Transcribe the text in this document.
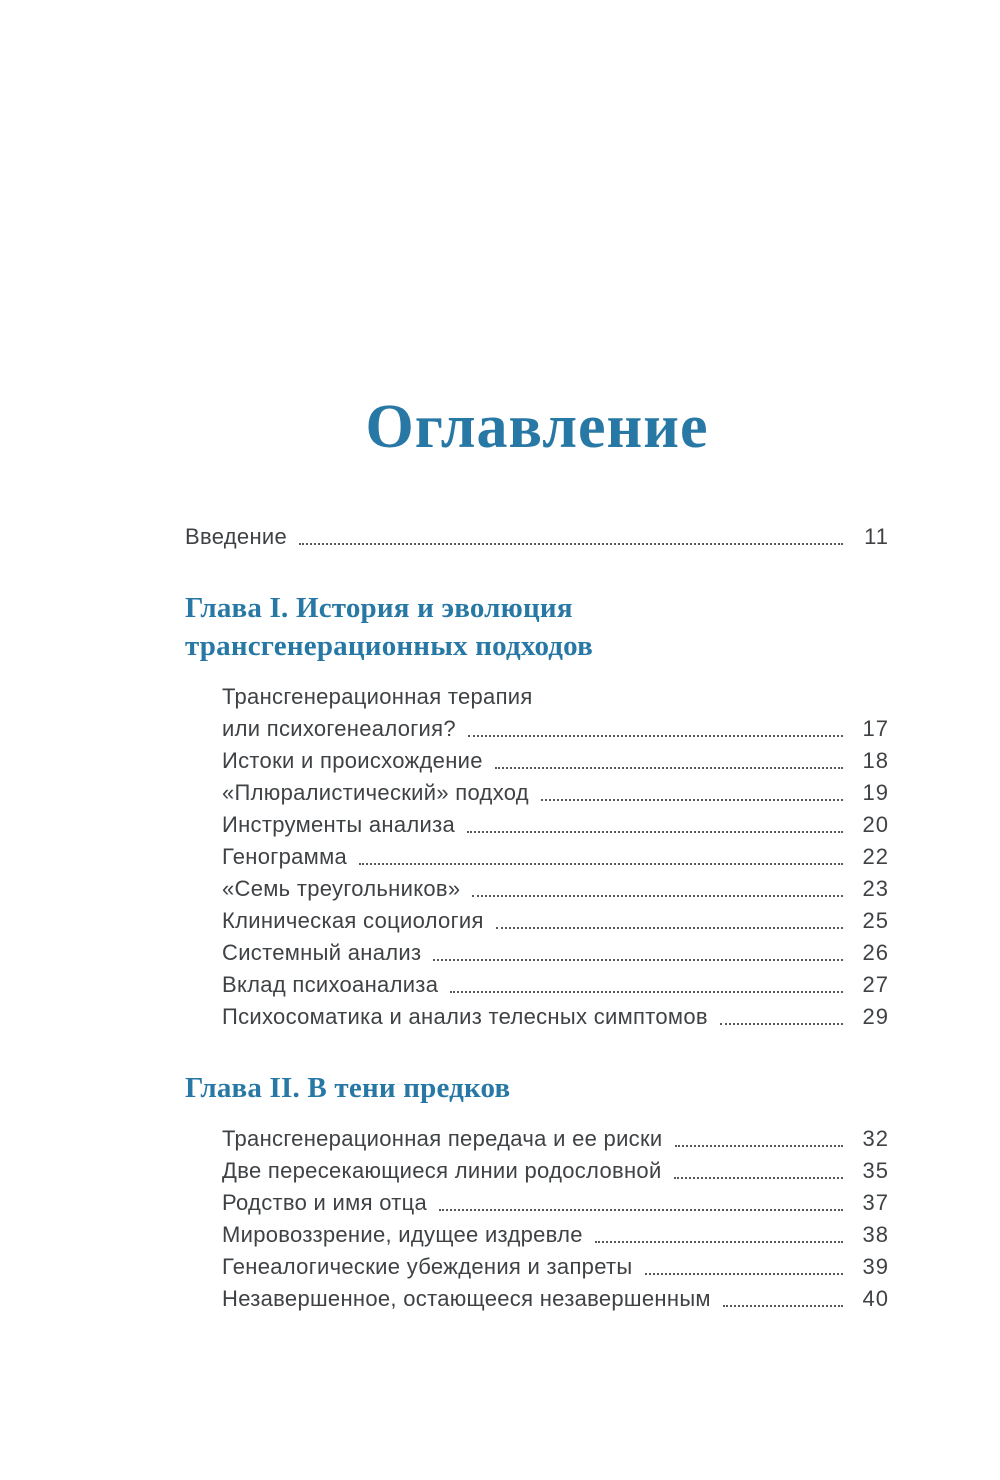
Оглавление
Введение	11
Глава I. История и эволюция
трансгенерационных подходов
Трансгенерационная терапия
или психогенеалогия?	17
Истоки и происхождение	18
«Плюралистический» подход	19
Инструменты анализа	20
Генограмма	22
«Семь треугольников»	23
Клиническая социология	25
Системный анализ	26
Вклад психоанализа	27
Психосоматика и анализ телесных симптомов	29
Глава II. В тени предков
Трансгенерационная передача и ее риски	32
Две пересекающиеся линии родословной	35
Родство и имя отца	37
Мировоззрение, идущее издревле	38
Генеалогические убеждения и запреты	39
Незавершенное, остающееся незавершенным	40
